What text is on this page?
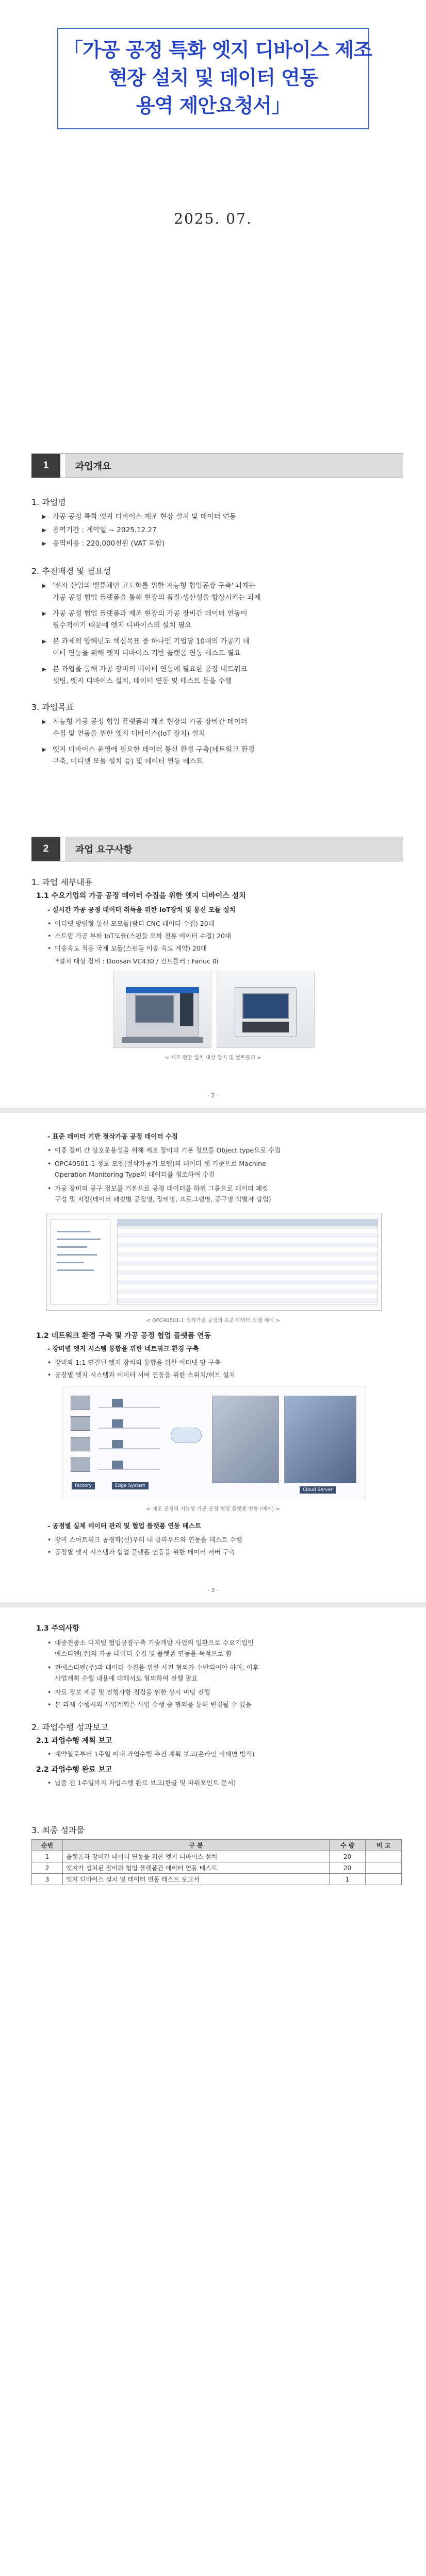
「가공 공정 특화 엣지 디바이스 제조
현장 설치 및 데이터 연동
용역 제안요청서」
2025. 07.
1	과업개요
1. 과업명
▶ 가공 공정 특화 엣지 디바이스 제조 현장 설치 및 데이터 연동
▶ 용역기간 : 계약일 ~ 2025.12.27
▶ 용역비용 : 220,000천원 (VAT 포함)
2. 추진배경 및 필요성
▶ '전자 산업의 밸류체인 고도화를 위한 지능형 협업공장 구축' 과제는
가공 공정 협업 플랫폼을 통해 현장의 품질·생산성을 향상시키는 과제
▶ 가공 공정 협업 플랫폼과 제조 현장의 가공 장비간 데이터 연동이
필수적이기 때문에 엣지 디바이스의 설치 필요
▶ 본 과제의 양해년도 핵심목표 중 하나인 기업당 10대의 가공기 데
이터 연동을 위해 엣지 디바이스 기반 플랫폼 연동 테스트 필요
▶ 본 과업을 통해 가공 장비의 데이터 연동에 필요한 공장 네트워크
셋팅, 엣지 디바이스 설치, 데이터 연동 및 테스트 등을 수행
3. 과업목표
▶ 지능형 가공 공정 협업 플랫폼과 제조 현장의 가공 장비간 데이터
수집 및 연동을 위한 엣지 디바이스(IoT 장치) 설치
▶ 엣지 디바이스 운영에 필요한 데이터 통신 환경 구축(네트워크 환경
구축, 미디넷 모듈 설치 등) 및 데이터 연동 테스트
2	과업 요구사항
1. 과업 세부내용
1.1 수요기업의 가공 공정 데이터 수집을 위한 엣지 디바이스 설치
- 실시간 가공 공정 데이터 취득을 위한 IoT장치 및 통신 모듈 설치
• 이더넷 방법형 통신 모모듈(팜터 CNC 데이터 수집) 20대
• 스트림 가공 부하 IoT모듈(스핀들 요하 전류 데이터 수집) 20대
• 미송속도 적용 국제 모듈(스핀들 이송 속도 계약) 20대
*설치 대상 장비 : Doosan VC430 / 컨트롤러 : Fanuc 0i
< 제조 현장 설치 대상 장비 및 컨트롤러 >
- 2 -
- 표준 데이터 기반 절삭가공 공정 데이터 수집
• 이종 장비 간 상호운용성을 위해 제조 장비의 기본 정보를 Object type으로 수집
• OPC40501-1 정보 모델(절삭가공기 모델)의 데이터 셋 기준으로 Machine
Operation Monitoring Type의 데이터를 정조하여 수집
• 가공 장비의 공구 정보를 기본으로 공정 데이터를 하위 그룹으로 데이터 패킷
구성 및 저장(데이터 패킷별 공정명, 장비명, 프로그램명, 공구명 식별자 탑입)
< OPC40501-1 절삭가공 공정의 표준 데이터 모델 예시 >
1.2 네트워크 환경 구축 및 가공 공정 협업 플랫폼 연동
- 장비별 엣지 시스템 통합을 위한 네트워크 환경 구축
• 장비와 1:1 연결된 엣지 장치의 통합을 위한 이더넷 망 구축
• 공장별 엣지 시스템과 데이터 서버 연동을 위한 스위치/허브 설치
Factory	Edge System
Cloud Server
< 제조 공정의 지능형 가공 공정 협업 플랫폼 연동 (예시) >
- 공정별 실제 데이터 관리 및 협업 플랫폼 연동 테스트
• 장비 스마트워크 공정학(신)우터 내 클라우드와 연동을 테스트 수행
• 공정별 엣지 시스템과 협업 플랫폼 연동을 위한 데이터 서버 구축
- 3 -
1.3 주의사항
• 대중견중소 디지털 협업공장구축 기술개발 사업의 일환으로 수요기업인
에스티엔(주)의 가공 데이터 수집 및 플랫폼 연동을 목적으로 함
• 전에스티엔(주)과 데이터 수집을 위한 사전 협의가 수반되어야 하며, 이후
사업계획 수행 내용에 대해서도 협의하여 진행 필요
• 자료 정보 제공 및 진행사항 점검을 위한 상시 미팅 진행
• 본 과제 수행시의 사업계획은 사업 수행 중 협의를 통해 변경될 수 있음
2. 과업수행 성과보고
2.1 과업수행 계획 보고
• 계약일로부터 1주일 이내 과업수행 추진 계획 보고(온라인 비대면 방식)
2.2 과업수행 완료 보고
• 납품 전 1주일까지 과업수행 완료 보고(한글 및 파워포인트 문서)
3. 최종 성과물
순번	구 분	수 량	비 고
1	플랫폼과 장비간 데이터 연동을 위한 엣지 디바이스 설치	20	
2	엣지가 설치된 장비와 협업 플랫폼간 데이터 연동 테스트	20	
3	엣지 디바이스 설치 및 데이터 연동 테스트 보고서	1	
